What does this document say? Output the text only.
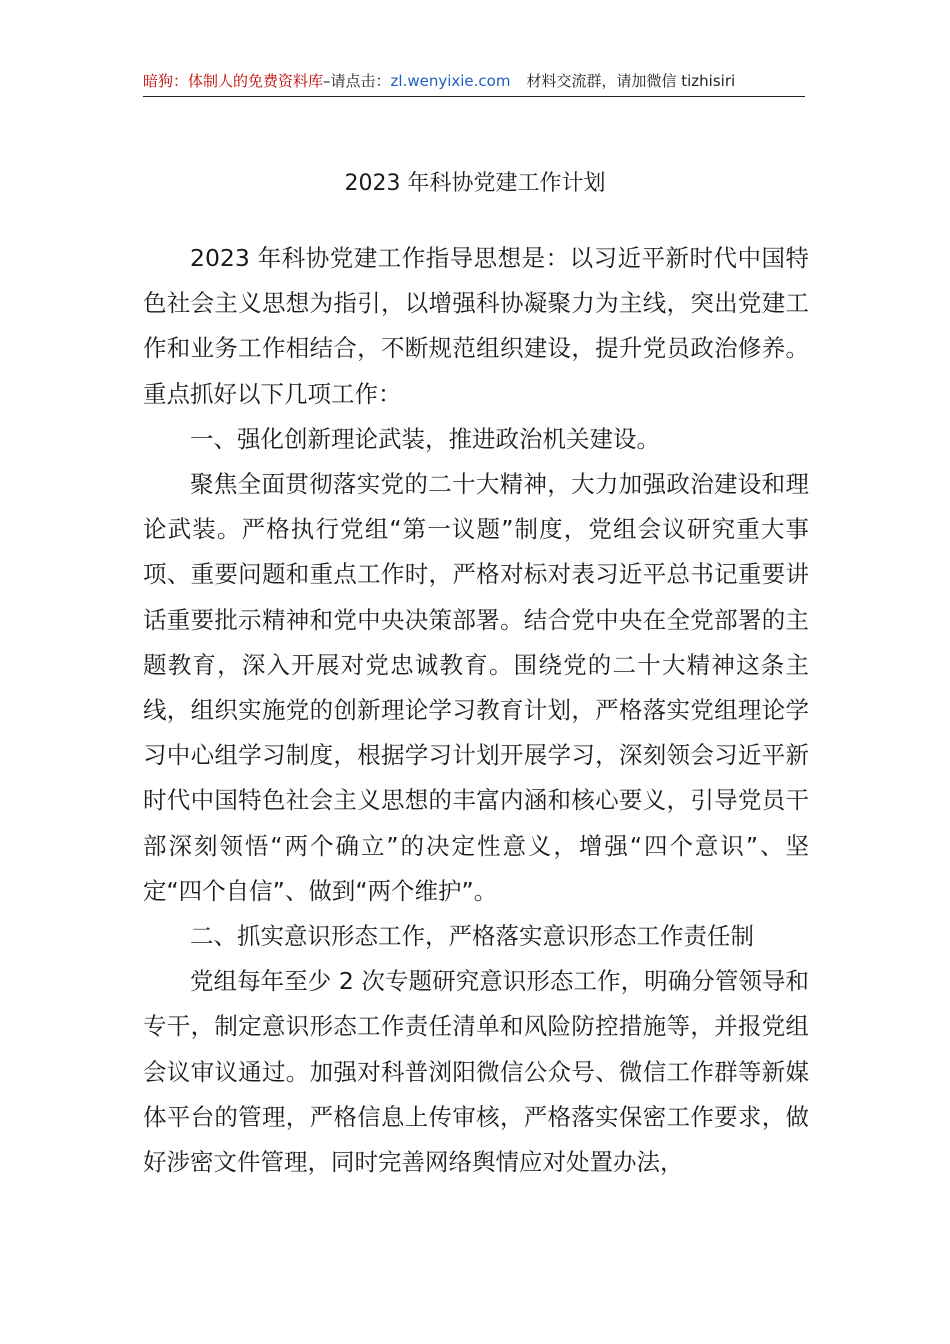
暗狗：体制人的免费资料库–请点击：zl.wenyixie.com 材料交流群，请加微信 tizhisiri
2023 年科协党建工作计划

2023 年科协党建工作指导思想是：以习近平新时代中国特色社会主义思想为指引，以增强科协凝聚力为主线，突出党建工作和业务工作相结合，不断规范组织建设，提升党员政治修养。重点抓好以下几项工作：

一、强化创新理论武装，推进政治机关建设。

聚焦全面贯彻落实党的二十大精神，大力加强政治建设和理论武装。严格执行党组“第一议题”制度，党组会议研究重大事项、重要问题和重点工作时，严格对标对表习近平总书记重要讲话重要批示精神和党中央决策部署。结合党中央在全党部署的主题教育，深入开展对党忠诚教育。围绕党的二十大精神这条主线，组织实施党的创新理论学习教育计划，严格落实党组理论学习中心组学习制度，根据学习计划开展学习，深刻领会习近平新时代中国特色社会主义思想的丰富内涵和核心要义，引导党员干部深刻领悟“两个确立”的决定性意义，增强“四个意识”、坚定“四个自信”、做到“两个维护”。

二、抓实意识形态工作，严格落实意识形态工作责任制

党组每年至少 2 次专题研究意识形态工作，明确分管领导和专干，制定意识形态工作责任清单和风险防控措施等，并报党组会议审议通过。加强对科普浏阳微信公众号、微信工作群等新媒体平台的管理，严格信息上传审核，严格落实保密工作要求，做好涉密文件管理，同时完善网络舆情应对处置办法，
